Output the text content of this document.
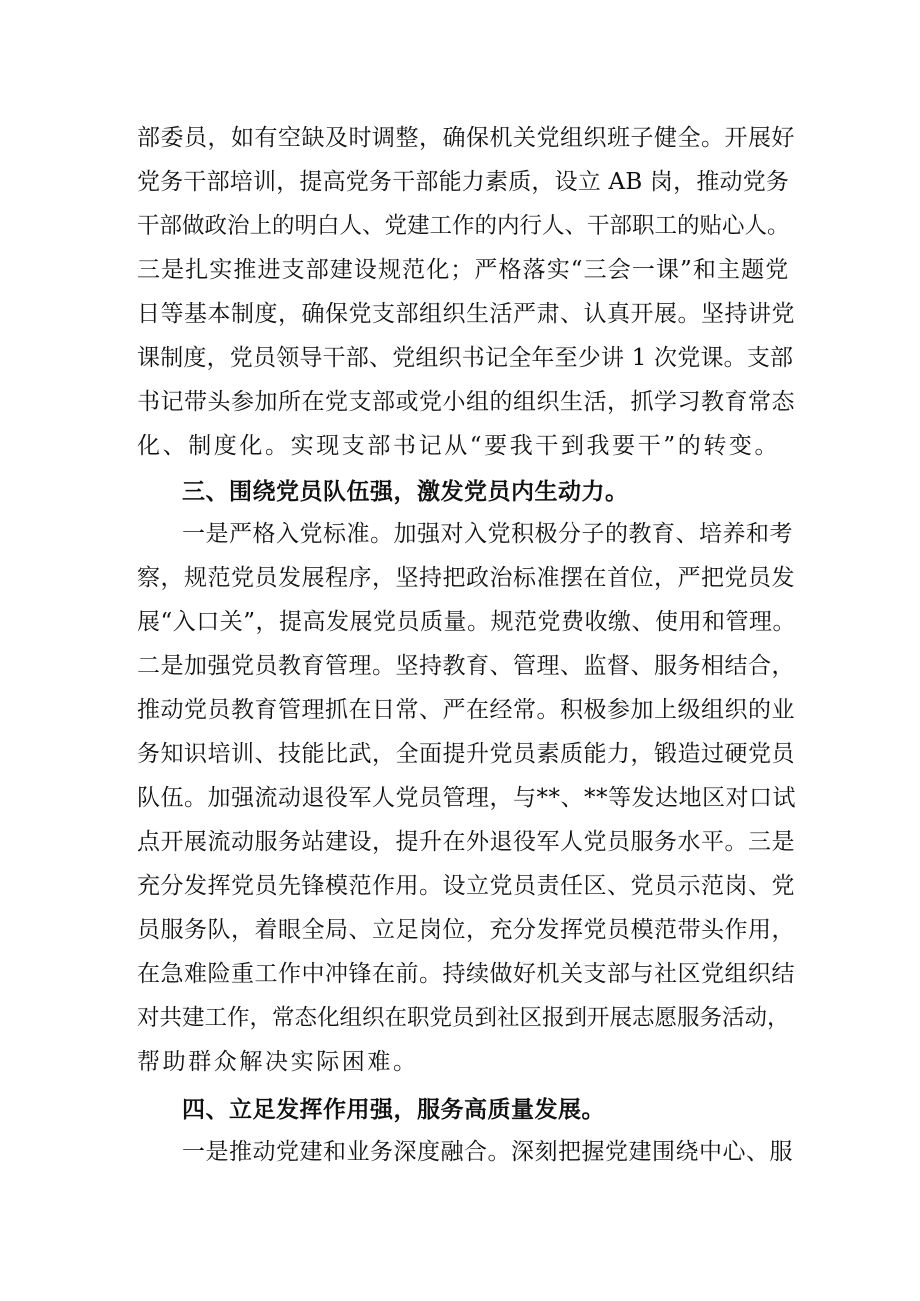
部委员，如有空缺及时调整，确保机关党组织班子健全。开展好
党务干部培训，提高党务干部能力素质，设立 AB 岗，推动党务
干部做政治上的明白人、党建工作的内行人、干部职工的贴心人。
三是扎实推进支部建设规范化；严格落实“三会一课”和主题党
日等基本制度，确保党支部组织生活严肃、认真开展。坚持讲党
课制度，党员领导干部、党组织书记全年至少讲 1 次党课。支部
书记带头参加所在党支部或党小组的组织生活，抓学习教育常态
化、制度化。实现支部书记从“要我干到我要干”的转变。
三、围绕党员队伍强，激发党员内生动力。
一是严格入党标准。加强对入党积极分子的教育、培养和考
察，规范党员发展程序，坚持把政治标准摆在首位，严把党员发
展“入口关”，提高发展党员质量。规范党费收缴、使用和管理。
二是加强党员教育管理。坚持教育、管理、监督、服务相结合，
推动党员教育管理抓在日常、严在经常。积极参加上级组织的业
务知识培训、技能比武，全面提升党员素质能力，锻造过硬党员
队伍。加强流动退役军人党员管理，与**、**等发达地区对口试
点开展流动服务站建设，提升在外退役军人党员服务水平。三是
充分发挥党员先锋模范作用。设立党员责任区、党员示范岗、党
员服务队，着眼全局、立足岗位，充分发挥党员模范带头作用，
在急难险重工作中冲锋在前。持续做好机关支部与社区党组织结
对共建工作，常态化组织在职党员到社区报到开展志愿服务活动，
帮助群众解决实际困难。
四、立足发挥作用强，服务高质量发展。
一是推动党建和业务深度融合。深刻把握党建围绕中心、服
